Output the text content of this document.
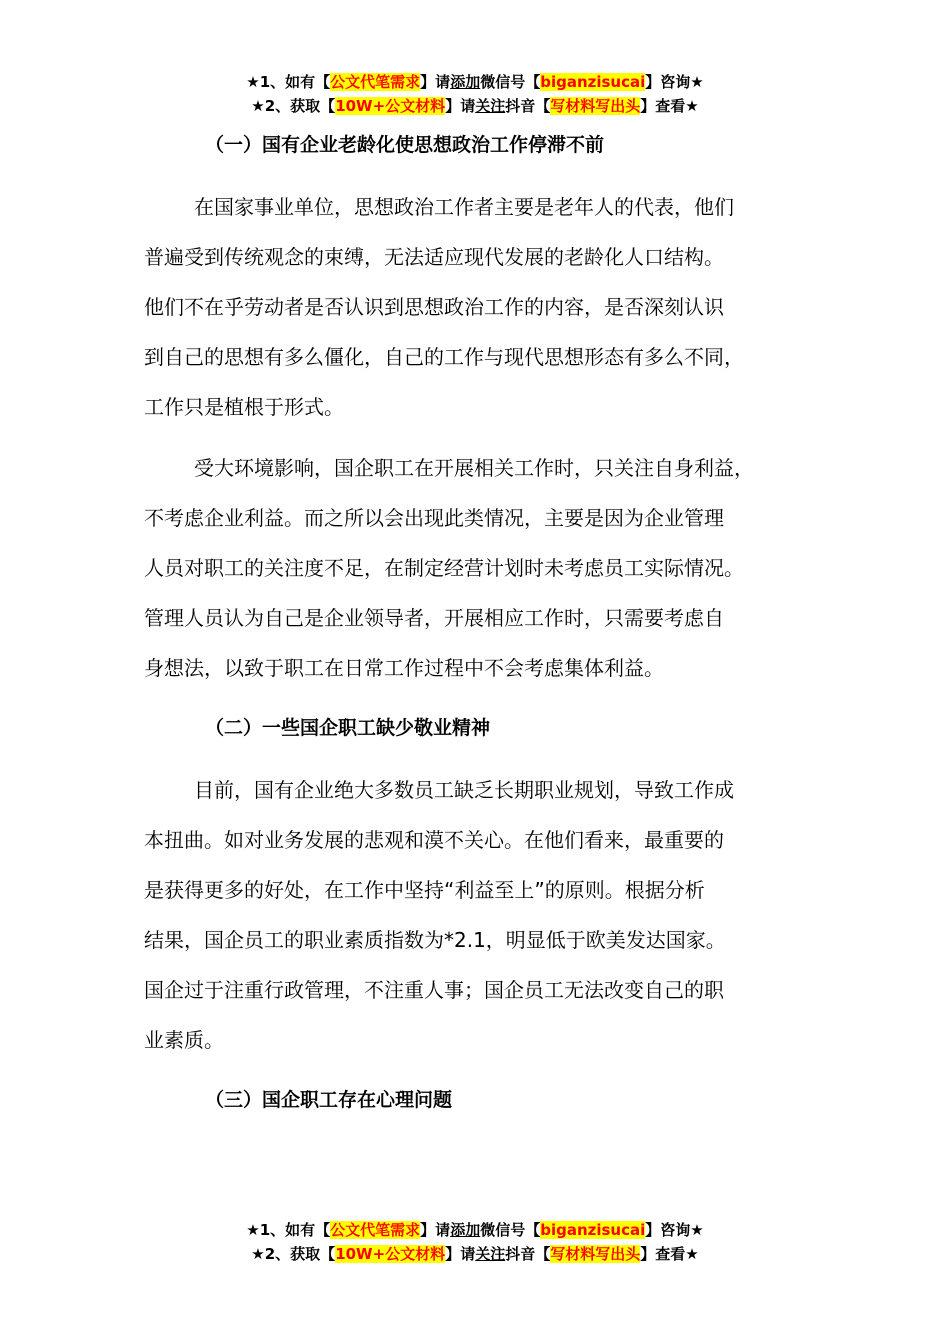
★1、如有【公文代笔需求】请添加微信号【biganzisucai】咨询★
★2、获取【10W+公文材料】请关注抖音【写材料写出头】查看★
（一）国有企业老龄化使思想政治工作停滞不前
在国家事业单位，思想政治工作者主要是老年人的代表，他们
普遍受到传统观念的束缚，无法适应现代发展的老龄化人口结构。
他们不在乎劳动者是否认识到思想政治工作的内容，是否深刻认识
到自己的思想有多么僵化，自己的工作与现代思想形态有多么不同，
工作只是植根于形式。
受大环境影响，国企职工在开展相关工作时，只关注自身利益，
不考虑企业利益。而之所以会出现此类情况，主要是因为企业管理
人员对职工的关注度不足，在制定经营计划时未考虑员工实际情况。
管理人员认为自己是企业领导者，开展相应工作时，只需要考虑自
身想法，以致于职工在日常工作过程中不会考虑集体利益。
（二）一些国企职工缺少敬业精神
目前，国有企业绝大多数员工缺乏长期职业规划，导致工作成
本扭曲。如对业务发展的悲观和漠不关心。在他们看来，最重要的
是获得更多的好处，在工作中坚持“利益至上”的原则。根据分析
结果，国企员工的职业素质指数为*2.1，明显低于欧美发达国家。
国企过于注重行政管理，不注重人事；国企员工无法改变自己的职
业素质。
（三）国企职工存在心理问题
★1、如有【公文代笔需求】请添加微信号【biganzisucai】咨询★
★2、获取【10W+公文材料】请关注抖音【写材料写出头】查看★
